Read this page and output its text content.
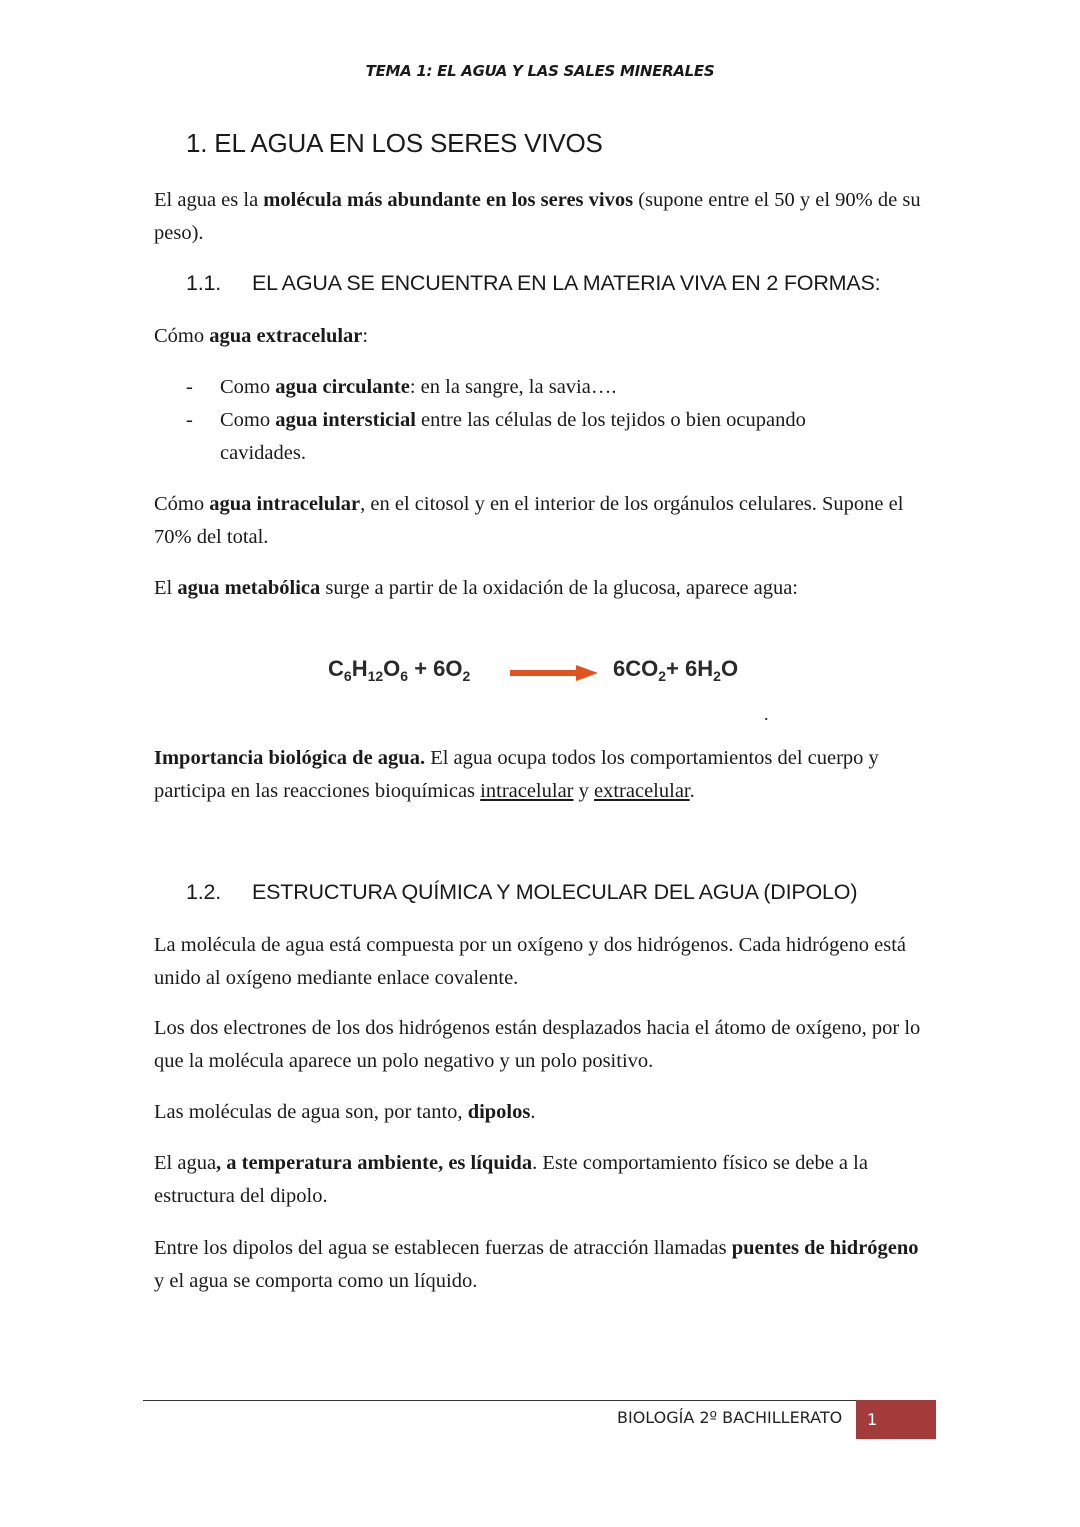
TEMA 1: EL AGUA Y LAS SALES MINERALES
1. EL AGUA EN LOS SERES VIVOS

El agua es la molécula más abundante en los seres vivos (supone entre el 50 y el 90% de su peso).

1.1. EL AGUA SE ENCUENTRA EN LA MATERIA VIVA EN 2 FORMAS:

Cómo agua extracelular:

- Como agua circulante: en la sangre, la savia….
- Como agua intersticial entre las células de los tejidos o bien ocupando cavidades.

Cómo agua intracelular, en el citosol y en el interior de los orgánulos celulares. Supone el 70% del total.

El agua metabólica surge a partir de la oxidación de la glucosa, aparece agua:

$C_6H_{12}O_6 + 6O_2 \to 6CO_2+ 6H_2O$
.

Importancia biológica de agua. El agua ocupa todos los comportamientos del cuerpo y participa en las reacciones bioquímicas intracelular y extracelular.

1.2. ESTRUCTURA QUÍMICA Y MOLECULAR DEL AGUA (DIPOLO)

La molécula de agua está compuesta por un oxígeno y dos hidrógenos. Cada hidrógeno está unido al oxígeno mediante enlace covalente.

Los dos electrones de los dos hidrógenos están desplazados hacia el átomo de oxígeno, por lo que la molécula aparece un polo negativo y un polo positivo.

Las moléculas de agua son, por tanto, dipolos.

El agua, a temperatura ambiente, es líquida. Este comportamiento físico se debe a la estructura del dipolo.

Entre los dipolos del agua se establecen fuerzas de atracción llamadas puentes de hidrógeno y el agua se comporta como un líquido.

BIOLOGÍA 2º BACHILLERATO 1
